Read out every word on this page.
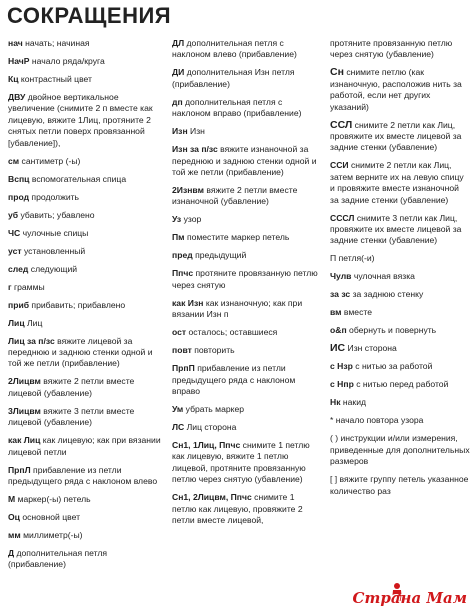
СОКРАЩЕНИЯ
нач начать; начиная
НачР начало ряда/круга
Кц контрастный цвет
ДВУ двойное вертикальное увеличение (снимите 2 п вместе как лицевую, вяжите 1Лиц, протяните 2 снятых петли поверх провязанной [убавление]),
см сантиметр (-ы)
Вспц вспомогательная спица
прод продолжить
уб убавить; убавлено
ЧС чулочные спицы
уст установленный
след следующий
г граммы
приб прибавить; прибавлено
Лиц Лиц
Лиц за п/зс вяжите лицевой за переднюю и заднюю стенки одной и той же петли (прибавление)
2Лицвм вяжите 2 петли вместе лицевой (убавление)
3Лицвм вяжите 3 петли вместе лицевой (убавление)
как Лиц как лицевую; как при вязании лицевой петли
ПрпЛ прибавление из петли предыдущего ряда с наклоном влево
М маркер(-ы) петель
Оц основной цвет
мм миллиметр(-ы)
Д дополнительная петля (прибавление)
ДЛ дополнительная петля с наклоном влево (прибавление)
ДИ дополнительная Изн петля (прибавление)
дп дополнительная петля с наклоном вправо (прибавление)
Изн Изн
Изн за п/зс вяжите изнаночной за переднюю и заднюю стенки одной и той же петли (прибавление)
2Изнвм вяжите 2 петли вместе изнаночной (убавление)
Уз узор
Пм поместите маркер петель
пред предыдущий
Ппчс протяните провязанную петлю через снятую
как Изн как изнаночную; как при вязании Изн п
ост осталось; оставшиеся
повт повторить
ПрпП прибавление из петли предыдущего ряда с наклоном вправо
Ум убрать маркер
ЛС Лиц сторона
Сн1, 1Лиц, Ппчс снимите 1 петлю как лицевую, вяжите 1 петлю лицевой, протяните провязанную петлю через снятую (убавление)
Сн1, 2Лицвм, Ппчс снимите 1 петлю как лицевую, провяжите 2 петли вместе лицевой,
протяните провязанную петлю через снятую (убавление)
Сн снимите петлю (как изнаночную, расположив нить за работой, если нет других указаний)
ССЛ снимите 2 петли как Лиц, провяжите их вместе лицевой за задние стенки (убавление)
ССИ снимите 2 петли как Лиц, затем верните их на левую спицу и провяжите вместе изнаночной за задние стенки (убавление)
СССЛ снимите 3 петли как Лиц, провяжите их вместе лицевой за задние стенки (убавление)
П петля(-и)
Чулв чулочная вязка
за зс за заднюю стенку
вм вместе
о&п обернуть и повернуть
ИС Изн сторона
с Нзр с нитью за работой
с Нпр с нитью перед работой
Нк накид
* начало повтора узора
( ) инструкции и/или измерения, приведенные для дополнительных размеров
[ ] вяжите группу петель указанное количество раз
Страна Мам
